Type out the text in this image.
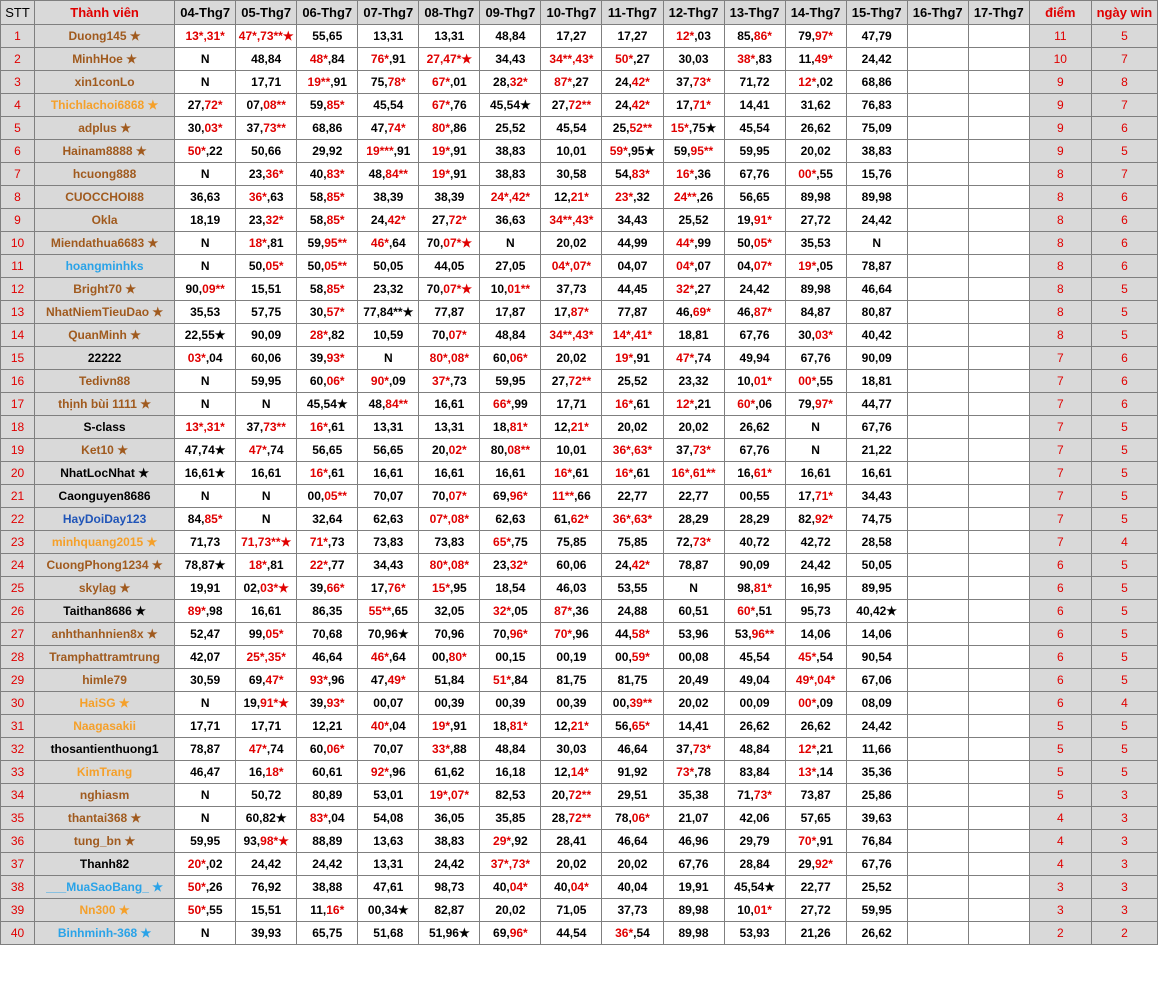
STT	Thành viên	04-Thg7	05-Thg7	06-Thg7	07-Thg7	08-Thg7	09-Thg7	10-Thg7	11-Thg7	12-Thg7	13-Thg7	14-Thg7	15-Thg7	16-Thg7	17-Thg7	điểm	ngày win
1	Duong145 ★	13*,31*	47*,73**★	55,65	13,31	13,31	48,84	17,27	17,27	12*,03	85,86*	79,97*	47,79			11	5
2	MinhHoe ★	N	48,84	48*,84	76*,91	27,47*★	34,43	34**,43*	50*,27	30,03	38*,83	11,49*	24,42			10	7
3	xin1conLo	N	17,71	19**,91	75,78*	67*,01	28,32*	87*,27	24,42*	37,73*	71,72	12*,02	68,86			9	8
4	Thichlachoi6868 ★	27,72*	07,08**	59,85*	45,54	67*,76	45,54★	27,72**	24,42*	17,71*	14,41	31,62	76,83			9	7
5	adplus ★	30,03*	37,73**	68,86	47,74*	80*,86	25,52	45,54	25,52**	15*,75★	45,54	26,62	75,09			9	6
6	Hainam8888 ★	50*,22	50,66	29,92	19***,91	19*,91	38,83	10,01	59*,95★	59,95**	59,95	20,02	38,83			9	5
7	hcuong888	N	23,36*	40,83*	48,84**	19*,91	38,83	30,58	54,83*	16*,36	67,76	00*,55	15,76			8	7
8	CUOCCHOI88	36,63	36*,63	58,85*	38,39	38,39	24*,42*	12,21*	23*,32	24**,26	56,65	89,98	89,98			8	6
9	Okla	18,19	23,32*	58,85*	24,42*	27,72*	36,63	34**,43*	34,43	25,52	19,91*	27,72	24,42			8	6
10	Miendathua6683 ★	N	18*,81	59,95**	46*,64	70,07*★	N	20,02	44,99	44*,99	50,05*	35,53	N			8	6
11	hoangminhks	N	50,05*	50,05**	50,05	44,05	27,05	04*,07*	04,07	04*,07	04,07*	19*,05	78,87			8	6
12	Bright70 ★	90,09**	15,51	58,85*	23,32	70,07*★	10,01**	37,73	44,45	32*,27	24,42	89,98	46,64			8	5
13	NhatNiemTieuDao ★	35,53	57,75	30,57*	77,84**★	77,87	17,87	17,87*	77,87	46,69*	46,87*	84,87	80,87			8	5
14	QuanMinh ★	22,55★	90,09	28*,82	10,59	70,07*	48,84	34**,43*	14*,41*	18,81	67,76	30,03*	40,42			8	5
15	22222	03*,04	60,06	39,93*	N	80*,08*	60,06*	20,02	19*,91	47*,74	49,94	67,76	90,09			7	6
16	Tedivn88	N	59,95	60,06*	90*,09	37*,73	59,95	27,72**	25,52	23,32	10,01*	00*,55	18,81			7	6
17	thịnh bùi 1111 ★	N	N	45,54★	48,84**	16,61	66*,99	17,71	16*,61	12*,21	60*,06	79,97*	44,77			7	6
18	S-class	13*,31*	37,73**	16*,61	13,31	13,31	18,81*	12,21*	20,02	20,02	26,62	N	67,76			7	5
19	Ket10 ★	47,74★	47*,74	56,65	56,65	20,02*	80,08**	10,01	36*,63*	37,73*	67,76	N	21,22			7	5
20	NhatLocNhat ★	16,61★	16,61	16*,61	16,61	16,61	16,61	16*,61	16*,61	16*,61**	16,61*	16,61	16,61			7	5
21	Caonguyen8686	N	N	00,05**	70,07	70,07*	69,96*	11**,66	22,77	22,77	00,55	17,71*	34,43			7	5
22	HayDoiDay123	84,85*	N	32,64	62,63	07*,08*	62,63	61,62*	36*,63*	28,29	28,29	82,92*	74,75			7	5
23	minhquang2015 ★	71,73	71,73**★	71*,73	73,83	73,83	65*,75	75,85	75,85	72,73*	40,72	42,72	28,58			7	4
24	CuongPhong1234 ★	78,87★	18*,81	22*,77	34,43	80*,08*	23,32*	60,06	24,42*	78,87	90,09	24,42	50,05			6	5
25	skylag ★	19,91	02,03*★	39,66*	17,76*	15*,95	18,54	46,03	53,55	N	98,81*	16,95	89,95			6	5
26	Taithan8686 ★	89*,98	16,61	86,35	55**,65	32,05	32*,05	87*,36	24,88	60,51	60*,51	95,73	40,42★			6	5
27	anhthanhnien8x ★	52,47	99,05*	70,68	70,96★	70,96	70,96*	70*,96	44,58*	53,96	53,96**	14,06	14,06			6	5
28	Tramphattramtrung	42,07	25*,35*	46,64	46*,64	00,80*	00,15	00,19	00,59*	00,08	45,54	45*,54	90,54			6	5
29	himle79	30,59	69,47*	93*,96	47,49*	51,84	51*,84	81,75	81,75	20,49	49,04	49*,04*	67,06			6	5
30	HaiSG ★	N	19,91*★	39,93*	00,07	00,39	00,39	00,39	00,39**	20,02	00,09	00*,09	08,09			6	4
31	Naagasakii	17,71	17,71	12,21	40*,04	19*,91	18,81*	12,21*	56,65*	14,41	26,62	26,62	24,42			5	5
32	thosantienthuong1	78,87	47*,74	60,06*	70,07	33*,88	48,84	30,03	46,64	37,73*	48,84	12*,21	11,66			5	5
33	KimTrang	46,47	16,18*	60,61	92*,96	61,62	16,18	12,14*	91,92	73*,78	83,84	13*,14	35,36			5	5
34	nghiasm	N	50,72	80,89	53,01	19*,07*	82,53	20,72**	29,51	35,38	71,73*	73,87	25,86			5	3
35	thantai368 ★	N	60,82★	83*,04	54,08	36,05	35,85	28,72**	78,06*	21,07	42,06	57,65	39,63			4	3
36	tung_bn ★	59,95	93,98*★	88,89	13,63	38,83	29*,92	28,41	46,64	46,96	29,79	70*,91	76,84			4	3
37	Thanh82	20*,02	24,42	24,42	13,31	24,42	37*,73*	20,02	20,02	67,76	28,84	29,92*	67,76			4	3
38	___MuaSaoBang_ ★	50*,26	76,92	38,88	47,61	98,73	40,04*	40,04*	40,04	19,91	45,54★	22,77	25,52			3	3
39	Nn300 ★	50*,55	15,51	11,16*	00,34★	82,87	20,02	71,05	37,73	89,98	10,01*	27,72	59,95			3	3
40	Binhminh-368 ★	N	39,93	65,75	51,68	51,96★	69,96*	44,54	36*,54	89,98	53,93	21,26	26,62			2	2
